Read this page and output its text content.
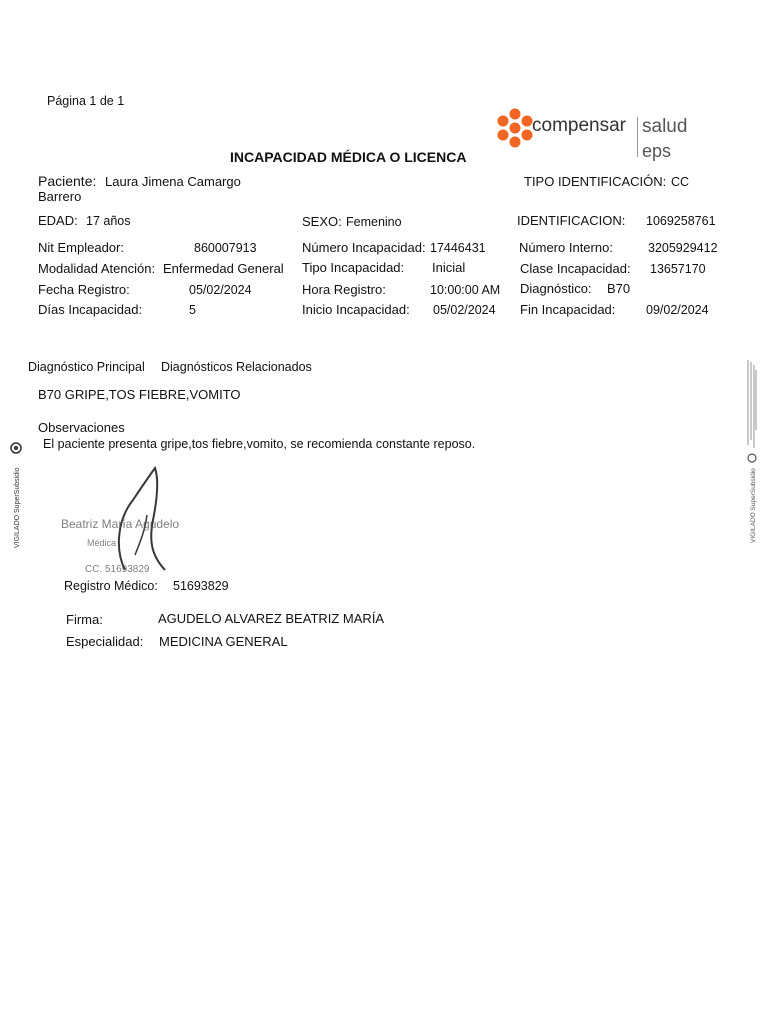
Página 1 de 1
compensar salud
eps
INCAPACIDAD MÉDICA O LICENCA
Paciente: Laura Jimena Camargo
Barrero
TIPO IDENTIFICACIÓN: CC
EDAD: 17 años	SEXO: Femenino	IDENTIFICACION: 1069258761
Nit Empleador:	860007913	Número Incapacidad: 17446431	Número Interno:	3205929412
Modalidad Atención: Enfermedad General Tipo Incapacidad: Inicial	Clase Incapacidad: 13657170
Fecha Registro:	05/02/2024	Hora Registro:	10:00:00 AM Diagnóstico: B70
Días Incapacidad:	5	Inicio Incapacidad: 05/02/2024 Fin Incapacidad: 09/02/2024
Diagnóstico Principal Diagnósticos Relacionados
B70 GRIPE,TOS FIEBRE,VOMITO
Observaciones
El paciente presenta gripe,tos fiebre,vomito, se recomienda constante reposo.
VIGILADO SuperSubsidio	VIGILADO SuperSubsidio
Beatriz María Agudelo
Médica
CC. 51693829
Registro Médico: 51693829
Firma:	AGUDELO ALVAREZ BEATRIZ MARÍA
Especialidad: MEDICINA GENERAL
